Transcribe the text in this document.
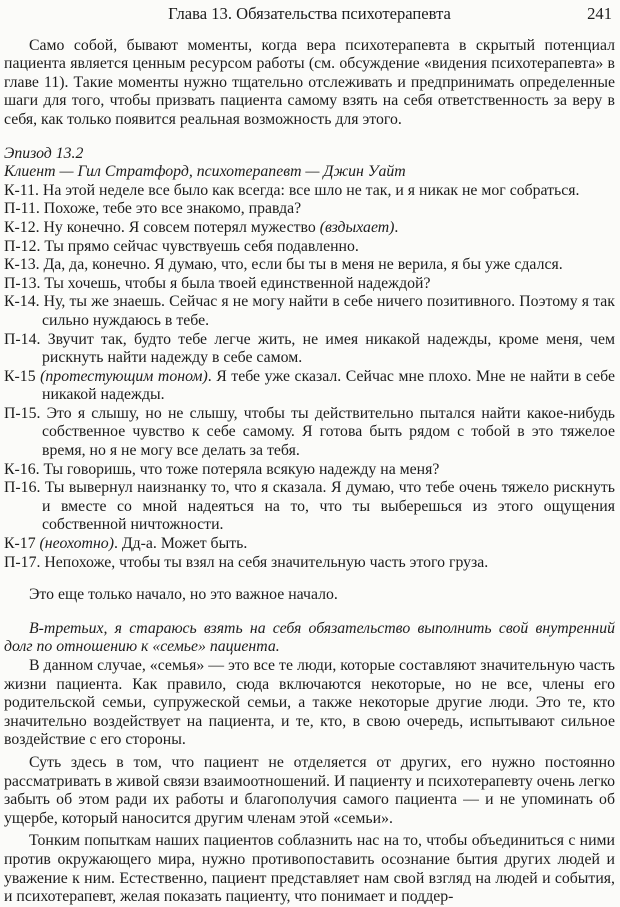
Глава 13. Обязательства психотерапевта	241

Само собой, бывают моменты, когда вера психотерапевта в скрытый потенциал пациента является ценным ресурсом работы (см. обсуждение «видения психотерапевта» в главе 11). Такие моменты нужно тщательно отслеживать и предпринимать определенные шаги для того, чтобы призвать пациента самому взять на себя ответственность за веру в себя, как только появится реальная возможность для этого.

Эпизод 13.2

Клиент — Гил Стратфорд, психотерапевт — Джин Уайт

К-11. На этой неделе все было как всегда: все шло не так, и я никак не мог собраться.

П-11. Похоже, тебе это все знакомо, правда?

К-12. Ну конечно. Я совсем потерял мужество (вздыхает).

П-12. Ты прямо сейчас чувствуешь себя подавленно.

К-13. Да, да, конечно. Я думаю, что, если бы ты в меня не верила, я бы уже сдался.

П-13. Ты хочешь, чтобы я была твоей единственной надеждой?

К-14. Ну, ты же знаешь. Сейчас я не могу найти в себе ничего позитивного. Поэтому я так сильно нуждаюсь в тебе.

П-14. Звучит так, будто тебе легче жить, не имея никакой надежды, кроме меня, чем рискнуть найти надежду в себе самом.

К-15 (протестующим тоном). Я тебе уже сказал. Сейчас мне плохо. Мне не найти в себе никакой надежды.

П-15. Это я слышу, но не слышу, чтобы ты действительно пытался найти какое-нибудь собственное чувство к себе самому. Я готова быть рядом с тобой в это тяжелое время, но я не могу все делать за тебя.

К-16. Ты говоришь, что тоже потеряла всякую надежду на меня?

П-16. Ты вывернул наизнанку то, что я сказала. Я думаю, что тебе очень тяжело рискнуть и вместе со мной надеяться на то, что ты выберешься из этого ощущения собственной ничтожности.

К-17 (неохотно). Дд-а. Может быть.

П-17. Непохоже, чтобы ты взял на себя значительную часть этого груза.

Это еще только начало, но это важное начало.

В-третьих, я стараюсь взять на себя обязательство выполнить свой внутренний долг по отношению к «семье» пациента.

В данном случае, «семья» — это все те люди, которые составляют значительную часть жизни пациента. Как правило, сюда включаются некоторые, но не все, члены его родительской семьи, супружеской семьи, а также некоторые другие люди. Это те, кто значительно воздействует на пациента, и те, кто, в свою очередь, испытывают сильное воздействие с его стороны.

Суть здесь в том, что пациент не отделяется от других, его нужно постоянно рассматривать в живой связи взаимоотношений. И пациенту и психотерапевту очень легко забыть об этом ради их работы и благополучия самого пациента — и не упоминать об ущербе, который наносится другим членам этой «семьи».

Тонким попыткам наших пациентов соблазнить нас на то, чтобы объединиться с ними против окружающего мира, нужно противопоставить осознание бытия других людей и уважение к ним. Естественно, пациент представляет нам свой взгляд на людей и события, и психотерапевт, желая показать пациенту, что понимает и поддер-
